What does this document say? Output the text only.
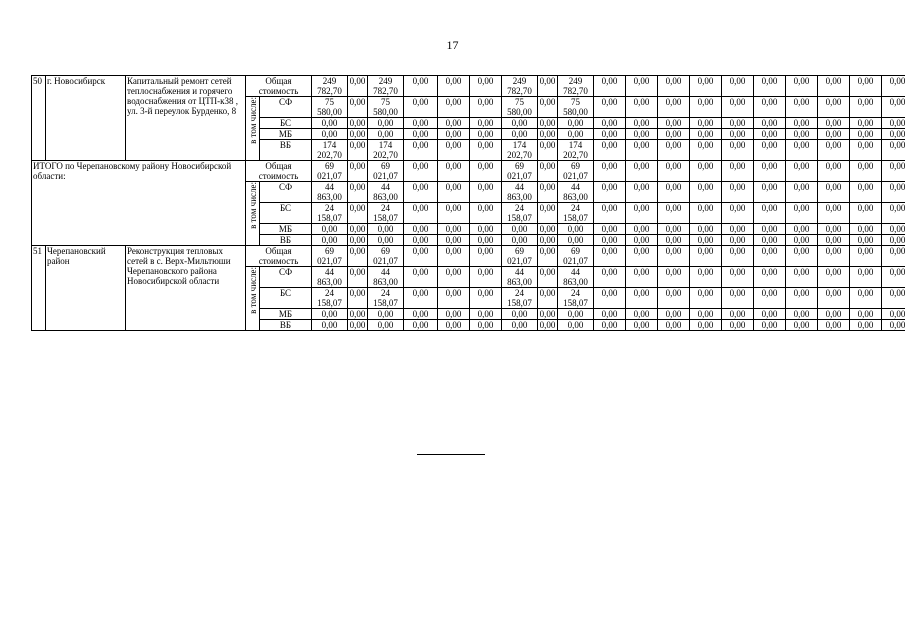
17
50	г. Новосибирск	Капитальный ремонт сетей теплоснабжения и горячего водоснабжения от ЦТП-к38 , ул. 3-й переулок Бурденко, 8	Общая стоимость		249 782,70	0,00	249 782,70	0,00	0,00	0,00	249 782,70	0,00	249 782,70	0,00	0,00	0,00	0,00	0,00	0,00	0,00	0,00	0,00	0,00

			в том числе:	СФ	75 580,00	0,00	75 580,00	0,00	0,00	0,00	75 580,00	0,00	75 580,00	0,00	0,00	0,00	0,00	0,00	0,00	0,00	0,00	0,00	0,00
				БС	0,00	0,00	0,00	0,00	0,00	0,00	0,00	0,00	0,00	0,00	0,00	0,00	0,00	0,00	0,00	0,00	0,00	0,00	0,00
				МБ	0,00	0,00	0,00	0,00	0,00	0,00	0,00	0,00	0,00	0,00	0,00	0,00	0,00	0,00	0,00	0,00	0,00	0,00	0,00
				ВБ	174 202,70	0,00	174 202,70	0,00	0,00	0,00	174 202,70	0,00	174 202,70	0,00	0,00	0,00	0,00	0,00	0,00	0,00	0,00	0,00	0,00
ИТОГО по Черепановскому району Новосибирской области:			Общая стоимость		69 021,07	0,00	69 021,07	0,00	0,00	0,00	69 021,07	0,00	69 021,07	0,00	0,00	0,00	0,00	0,00	0,00	0,00	0,00	0,00	0,00

			в том числе:	СФ	44 863,00	0,00	44 863,00	0,00	0,00	0,00	44 863,00	0,00	44 863,00	0,00	0,00	0,00	0,00	0,00	0,00	0,00	0,00	0,00	0,00
				БС	24 158,07	0,00	24 158,07	0,00	0,00	0,00	24 158,07	0,00	24 158,07	0,00	0,00	0,00	0,00	0,00	0,00	0,00	0,00	0,00	0,00
				МБ	0,00	0,00	0,00	0,00	0,00	0,00	0,00	0,00	0,00	0,00	0,00	0,00	0,00	0,00	0,00	0,00	0,00	0,00	0,00
				ВБ	0,00	0,00	0,00	0,00	0,00	0,00	0,00	0,00	0,00	0,00	0,00	0,00	0,00	0,00	0,00	0,00	0,00	0,00	0,00
51	Черепановский район	Реконструкция тепловых сетей в с. Верх-Мильтюши Черепановского района Новосибирской области	Общая стоимость		69 021,07	0,00	69 021,07	0,00	0,00	0,00	69 021,07	0,00	69 021,07	0,00	0,00	0,00	0,00	0,00	0,00	0,00	0,00	0,00	0,00

			в том числе:	СФ	44 863,00	0,00	44 863,00	0,00	0,00	0,00	44 863,00	0,00	44 863,00	0,00	0,00	0,00	0,00	0,00	0,00	0,00	0,00	0,00	0,00
				БС	24 158,07	0,00	24 158,07	0,00	0,00	0,00	24 158,07	0,00	24 158,07	0,00	0,00	0,00	0,00	0,00	0,00	0,00	0,00	0,00	0,00
				МБ	0,00	0,00	0,00	0,00	0,00	0,00	0,00	0,00	0,00	0,00	0,00	0,00	0,00	0,00	0,00	0,00	0,00	0,00	0,00
				ВБ	0,00	0,00	0,00	0,00	0,00	0,00	0,00	0,00	0,00	0,00	0,00	0,00	0,00	0,00	0,00	0,00	0,00	0,00	0,00
